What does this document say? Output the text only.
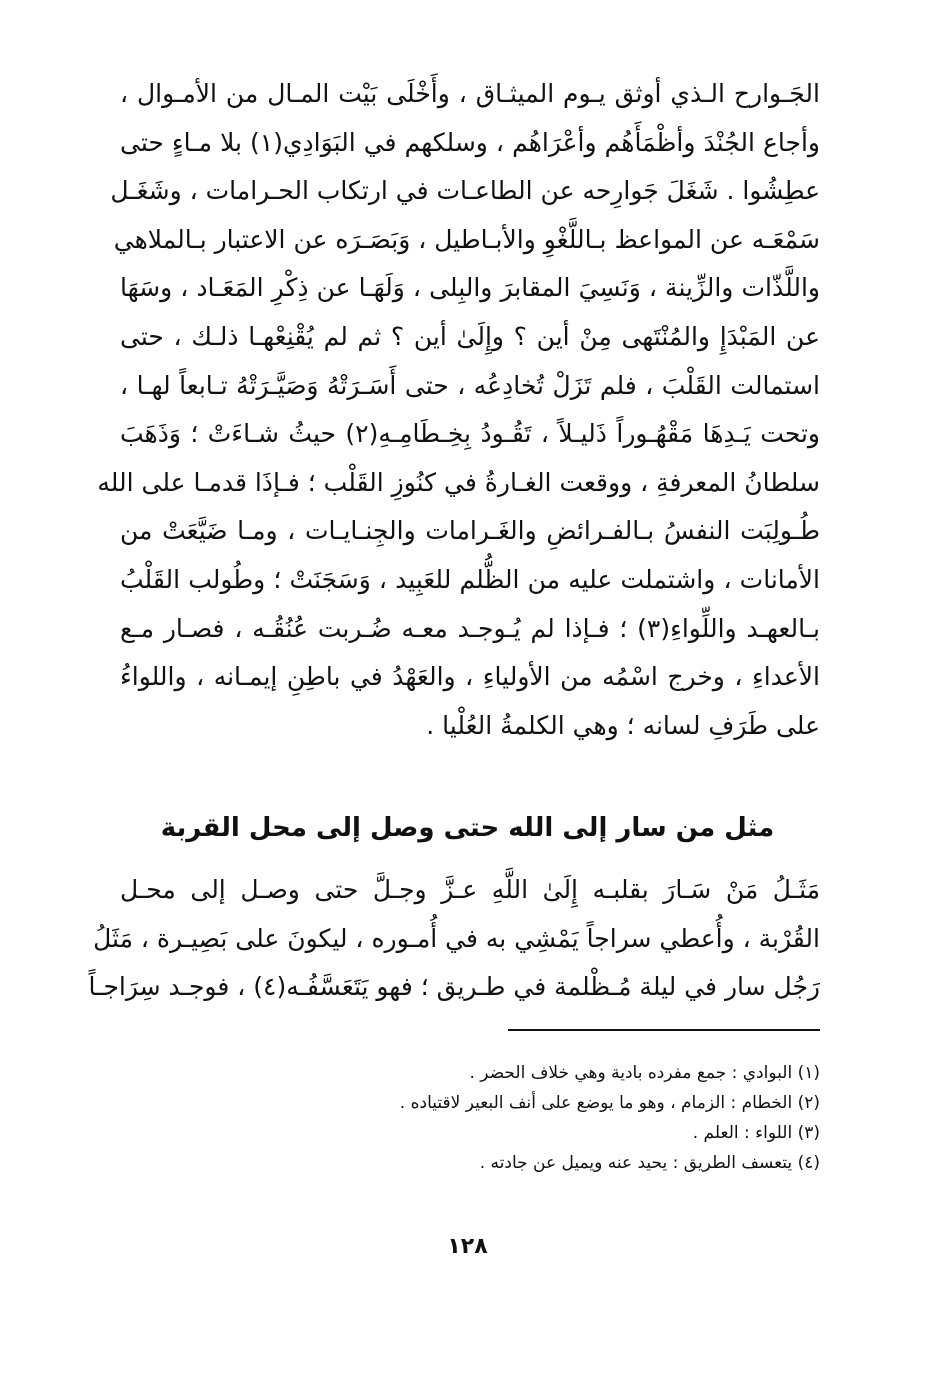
الجَـوارح الـذي أوثق يـوم الميثـاق ، وأَخْلَى بَيْت المـال من الأمـوال ،
وأجاع الجُنْدَ وأظْمَأَهُم وأعْرَاهُم ، وسلكهم في البَوَادِي(١) بلا مـاءٍ حتى
عطِشُوا . شَغَلَ جَوارِحه عن الطاعـات في ارتكاب الحـرامات ، وشَغَـل
سَمْعَـه عن المواعظ بـاللَّغْوِ والأبـاطيل ، وَبَصَـرَه عن الاعتبار بـالملاهي
واللَّذّات والزِّينة ، وَنَسِيَ المقابرَ والبِلى ، وَلَهَـا عن ذِكْرِ المَعَـاد ، وسَهَا
عن المَبْدَإِ والمُنْتَهى مِنْ أين ؟ وإِلَىٰ أين ؟ ثم لم يُقْنِعْهـا ذلـك ، حتى
استمالت القَلْبَ ، فلم تَزَلْ تُخادِعُه ، حتى أَسَـرَتْهُ وَصَيَّـرَتْهُ تـابعاً لهـا ،
وتحت يَـدِهَا مَقْهُـوراً ذَليـلاً ، تَقُـودُ بِخِـطَامِـهِ(٢) حيثُ شـاءَتْ ؛ وَذَهَبَ
سلطانُ المعرفةِ ، ووقعت الغـارةُ في كنُوزِ القَلْب ؛ فـإذَا قدمـا على الله
طُـولِبَت النفسُ بـالفـرائضِ والغَـرامات والجِنـايـات ، ومـا ضَيَّعَتْ من
الأمانات ، واشتملت عليه من الظُّلم للعَبِيد ، وَسَجَنَتْ ؛ وطُولب القَلْبُ
بـالعهـد واللِّواءِ(٣) ؛ فـإذا لم يُـوجـد معـه ضُـربت عُنُقُـه ، فصـار مـع
الأعداءِ ، وخرج اسْمُه من الأولياءِ ، والعَهْدُ في باطِنِ إيمـانه ، واللواءُ
على طَرَفِ لسانه ؛ وهي الكلمةُ العُلْيا .
مثل من سار إلى الله حتى وصل إلى محل القربة
مَثَـلُ مَنْ سَـارَ بقلبـه إِلَىٰ اللَّهِ عـزَّ وجـلَّ حتى وصـل إلى محـل
القُرْبة ، وأُعطي سراجاً يَمْشِي به في أُمـوره ، ليكونَ على بَصِيـرة ، مَثَلُ
رَجُل سار في ليلة مُـظْلمة في طـريق ؛ فهو يَتَعَسَّفُـه(٤) ، فوجـد سِرَاجـاً
(١) البوادي : جمع مفرده بادية وهي خلاف الحضر .
(٢) الخطام : الزمام ، وهو ما يوضع على أنف البعير لاقتياده .
(٣) اللواء : العلم .
(٤) يتعسف الطريق : يحيد عنه ويميل عن جادته .
١٢٨
